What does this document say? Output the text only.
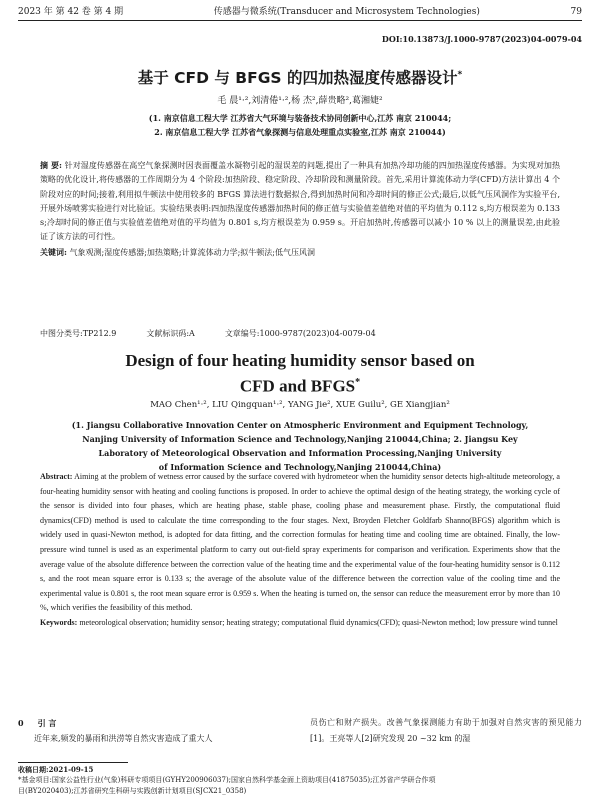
2023 年 第 42 卷 第 4 期	传感器与微系统(Transducer and Microsystem Technologies)	79
DOI:10.13873/J.1000-9787(2023)04-0079-04
基于 CFD 与 BFGS 的四加热湿度传感器设计*
毛 晨¹·²,刘清倦¹·²,杨 杰²,薛贵略²,葛湘婕²
(1. 南京信息工程大学 江苏省大气环境与装备技术协同创新中心,江苏 南京 210044;
2. 南京信息工程大学 江苏省气象探测与信息处理重点实验室,江苏 南京 210044)
摘 要: 针对湿度传感器在高空气象探测时因表面覆盖水凝物引起的湿误差的问题,提出了一种具有加热冷却功能的四加热湿度传感器。为实现对加热策略的优化设计,将传感器的工作周期分为 4 个阶段:加热阶段、稳定阶段、冷却阶段和测量阶段。首先,采用计算流体动力学(CFD)方法计算出 4 个阶段对应的时间;接着,利用拟牛顿法中使用较多的 BFGS 算法进行数据拟合,得到加热时间和冷却时间的修正公式;最后,以低气压风洞作为实验平台,开展外场喷雾实验进行对比验证。实验结果表明:四加热湿度传感器加热时间的修正值与实验值差值绝对值的平均值为 0.112 s,均方根误差为 0.133 s;冷却时间的修正值与实验值差值绝对值的平均值为 0.801 s,均方根误差为 0.959 s。开启加热时,传感器可以减小 10 % 以上的测量误差,由此验证了该方法的可行性。
关键词: 气象观测;湿度传感器;加热策略;计算流体动力学;拟牛顿法;低气压风洞
中图分类号:TP212.9	文献标识码:A	文章编号:1000-9787(2023)04-0079-04
Design of four heating humidity sensor based on
CFD and BFGS*
MAO Chen¹·², LIU Qingquan¹·², YANG Jie², XUE Guilu², GE Xiangjian²
(1. Jiangsu Collaborative Innovation Center on Atmospheric Environment and Equipment Technology,
Nanjing University of Information Science and Technology,Nanjing 210044,China; 2. Jiangsu Key
Laboratory of Meteorological Observation and Information Processing,Nanjing University
of Information Science and Technology,Nanjing 210044,China)
Abstract: Aiming at the problem of wetness error caused by the surface covered with hydrometeor when the humidity sensor detects high-altitude meteorology, a four-heating humidity sensor with heating and cooling functions is proposed. In order to achieve the optimal design of the heating strategy, the working cycle of the sensor is divided into four phases, which are heating phase, stable phase, cooling phase and measurement phase. Firstly, the computational fluid dynamics(CFD) method is used to calculate the time corresponding to the four stages. Next, Broyden Fletcher Goldfarb Shanno(BFGS) algorithm which is widely used in quasi-Newton method, is adopted for data fitting, and the correction formulas for heating time and cooling time are obtained. Finally, the low-pressure wind tunnel is used as an experimental platform to carry out out-field spray experiments for comparison and verification. Experiments show that the average value of the absolute difference between the correction value of the heating time and the experimental value of the four-heating humidity sensor is 0.112 s, and the root mean square error is 0.133 s; the average of the absolute value of the difference between the correction value of the cooling time and the experimental value is 0.801 s, the root mean square error is 0.959 s. When the heating is turned on, the sensor can reduce the measurement error by more than 10 %, which verifies the feasibility of this method.
Keywords: meteorological observation; humidity sensor; heating strategy; computational fluid dynamics(CFD); quasi-Newton method; low pressure wind tunnel
0 引 言
近年来,频发的暴雨和洪涝等自然灾害造成了重大人
员伤亡和财产损失。改善气象探测能力有助于加强对自然灾害的预见能力[1]。王亮等人[2]研究发现 20 ~32 km 的湿
收稿日期:2021-09-15
*基金项目:国家公益性行业(气象)科研专项项目(GYHY200906037);国家自然科学基金面上资助项目(41875035);江苏省产学研合作项
目(BY2020403);江苏省研究生科研与实践创新计划项目(SJCX21_0358)
